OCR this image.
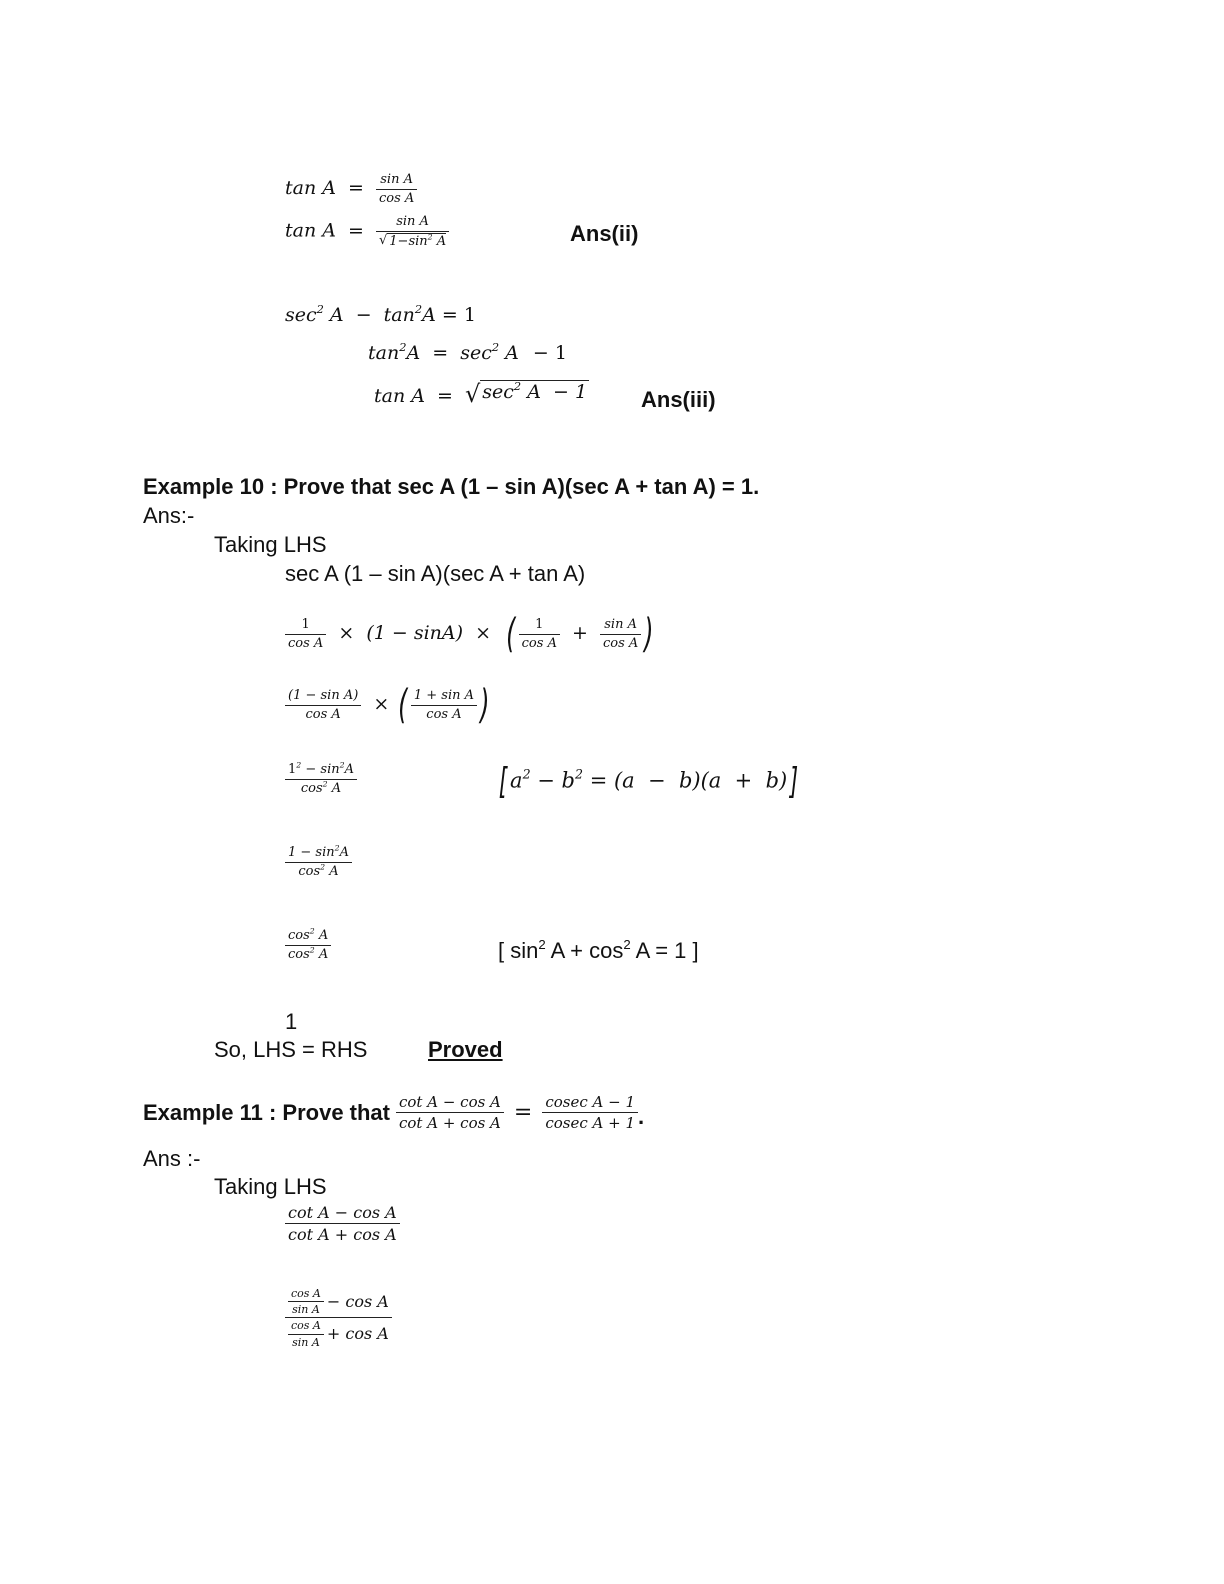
$\tan A = \frac{\text{sin A}}{\text{cos A}}$
$\tan A = \frac{\text{sin A}}{√ 1-\sin^2 A}$	Ans(ii)
$\sec^2 A - \tan^2A = 1$
$\tan^2A = \sec^2 A - 1$
tan A = √ $\sec^2 A - 1$ Ans(iii)
Example 10 : Prove that sec A (1 – sin A)(sec A + tan A) = 1.
Ans:-
Taking LHS
sec A (1 – sin A)(sec A + tan A)
$\frac{1}{\text{cos A}} \times (1 - \sin A)$ × ( $\frac{1}{\text{cos A}} + \frac{\text{sin A}}{\text{cos A}}$ )
$\frac{\text{(1 − sin A)}}{\text{cos A}}$ × ( $\frac{\text{1 + sin A}}{\text{cos A}}$ )
$\frac{1^2 - \sin^2A}{\cos^2 A}$	[ $a^2 - b^2 = (a - b)(a + b)$]
$\frac{1 - \sin^2A}{\cos^2 A}$
$\frac{\cos^2 A}{\cos^2 A}$	[ $\sin^2 A + \cos^2 A = 1$ ]
1
So, LHS = RHS	Proved
Example 11 : Prove that $\frac{\text{cot A − cos A}}{\text{cot A + cos A}} = \frac{\text{cosec A − 1}}{\text{cosec A + 1}}$ .
Ans :-
Taking LHS
$\frac{\text{cot A − cos A}}{\text{cot A + cos A}}$
$\frac{\frac{\text{cos A}}{\text{sin A}} - \cos A}{\frac{\text{cos A}}{\text{sin A}} + \cos A}$
